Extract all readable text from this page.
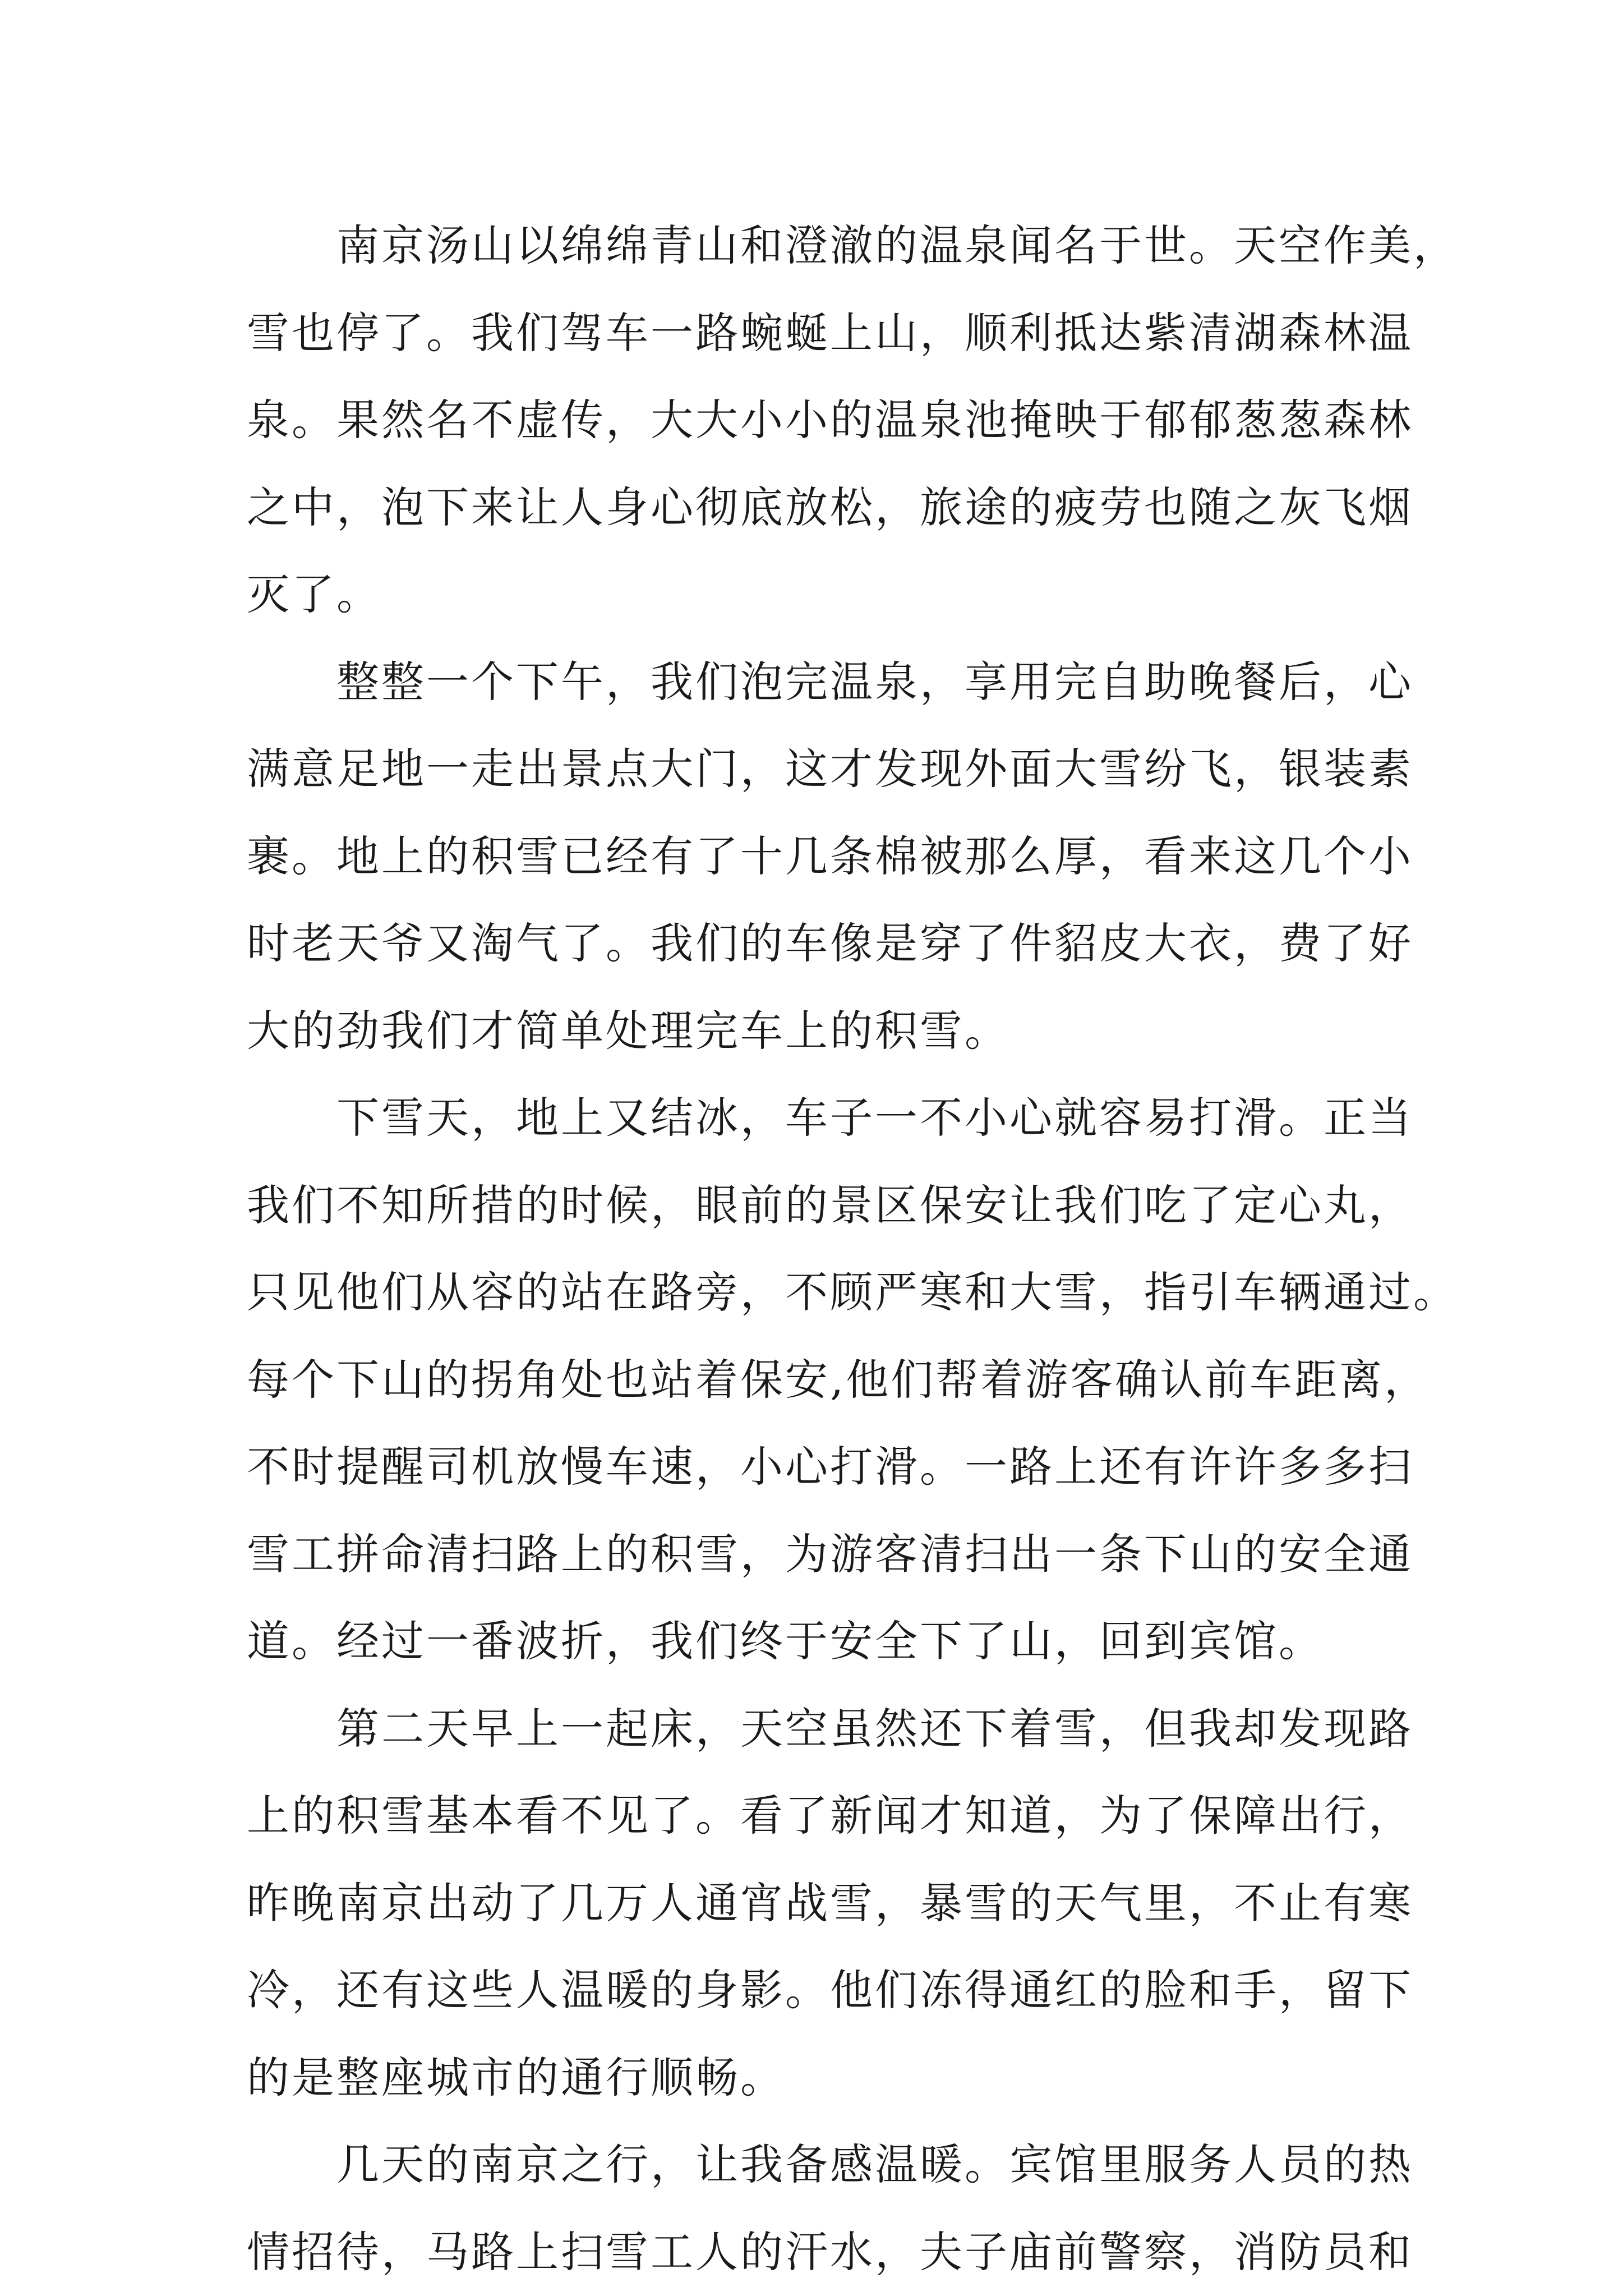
南京汤山以绵绵青山和澄澈的温泉闻名于世。天空作美，
雪也停了。我们驾车一路蜿蜒上山，顺利抵达紫清湖森林温
泉。果然名不虚传，大大小小的温泉池掩映于郁郁葱葱森林
之中，泡下来让人身心彻底放松，旅途的疲劳也随之灰飞烟
灭了。
整整一个下午，我们泡完温泉，享用完自助晚餐后，心
满意足地一走出景点大门，这才发现外面大雪纷飞，银装素
裹。地上的积雪已经有了十几条棉被那么厚，看来这几个小
时老天爷又淘气了。我们的车像是穿了件貂皮大衣，费了好
大的劲我们才简单处理完车上的积雪。
下雪天，地上又结冰，车子一不小心就容易打滑。正当
我们不知所措的时候，眼前的景区保安让我们吃了定心丸，
只见他们从容的站在路旁，不顾严寒和大雪，指引车辆通过。
每个下山的拐角处也站着保安,他们帮着游客确认前车距离，
不时提醒司机放慢车速，小心打滑。一路上还有许许多多扫
雪工拼命清扫路上的积雪，为游客清扫出一条下山的安全通
道。经过一番波折，我们终于安全下了山，回到宾馆。
第二天早上一起床，天空虽然还下着雪，但我却发现路
上的积雪基本看不见了。看了新闻才知道，为了保障出行，
昨晚南京出动了几万人通宵战雪，暴雪的天气里，不止有寒
冷，还有这些人温暖的身影。他们冻得通红的脸和手，留下
的是整座城市的通行顺畅。
几天的南京之行，让我备感温暖。宾馆里服务人员的热
情招待，马路上扫雪工人的汗水，夫子庙前警察，消防员和
